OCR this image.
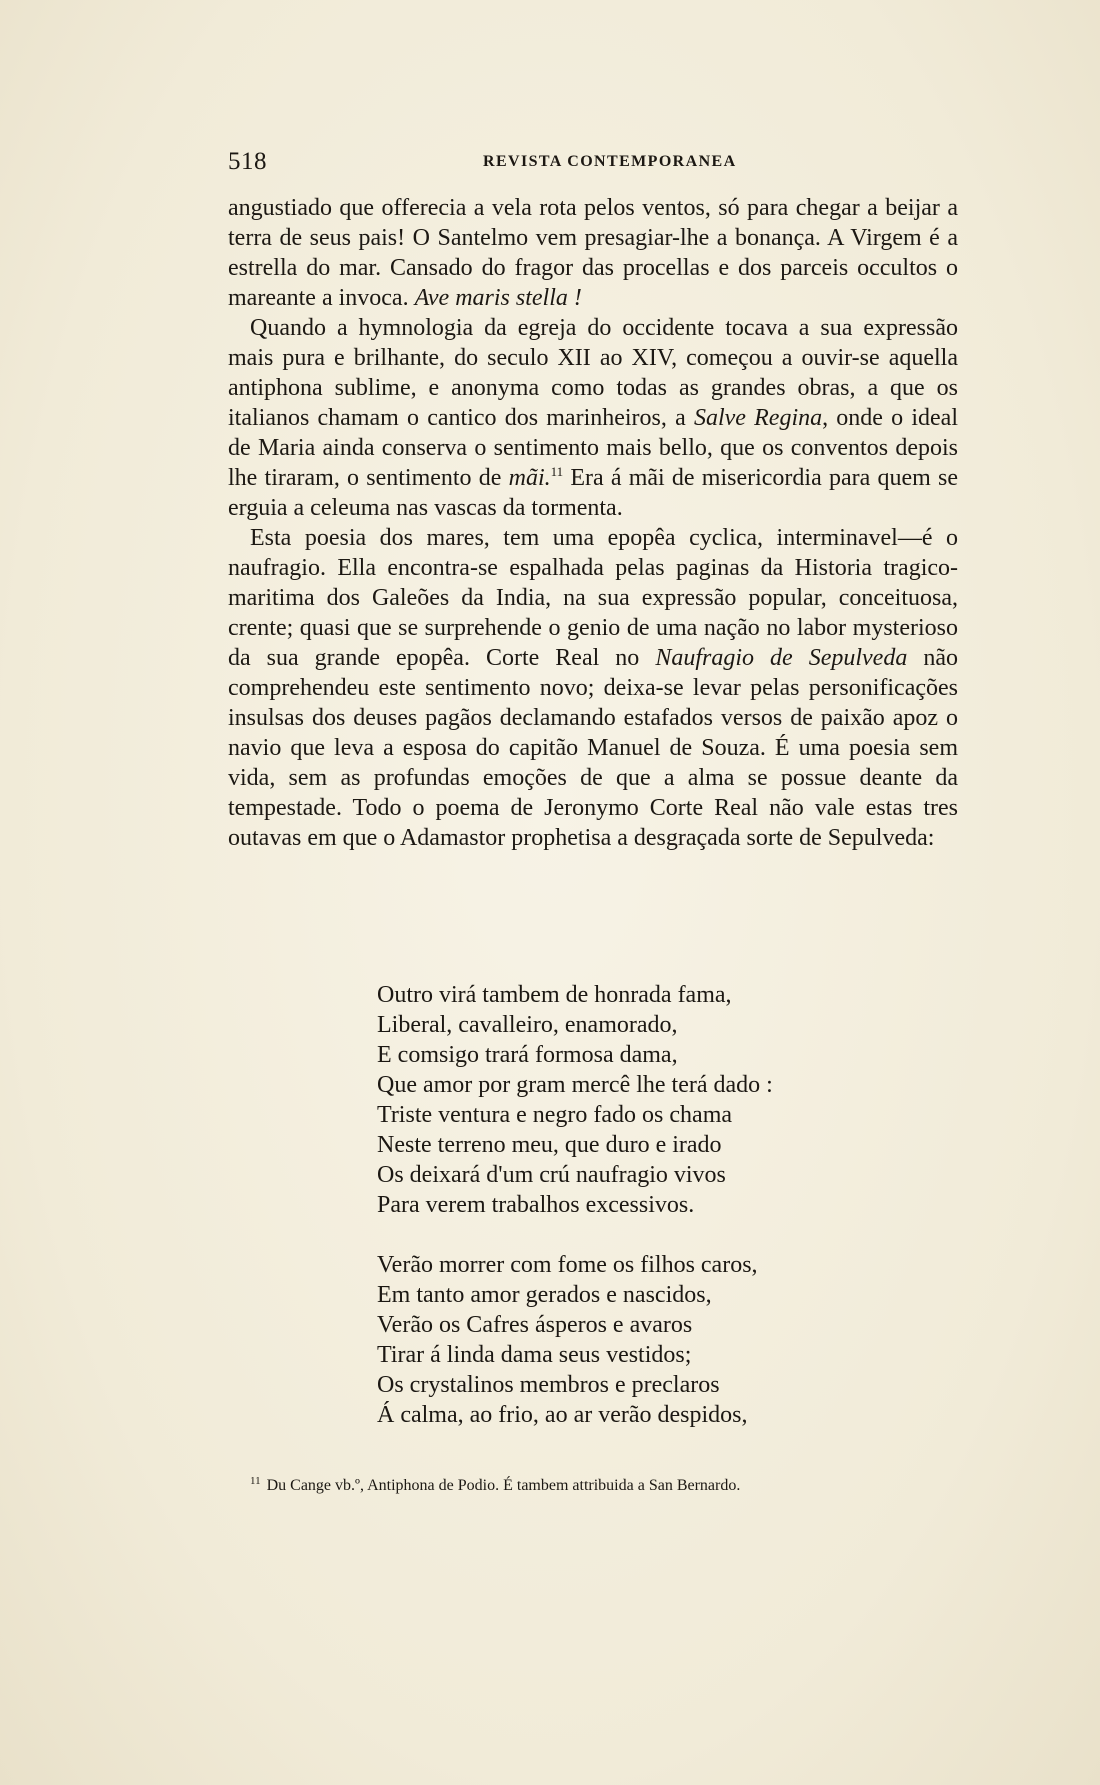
518	REVISTA CONTEMPORANEA

angustiado que offerecia a vela rota pelos ventos, só para chegar a beijar a terra de seus pais! O Santelmo vem presagiar-lhe a bonança. A Virgem é a estrella do mar. Cansado do fragor das procellas e dos parceis occultos o mareante a invoca. Ave maris stella !

Quando a hymnologia da egreja do occidente tocava a sua expressão mais pura e brilhante, do seculo XII ao XIV, começou a ouvir-se aquella antiphona sublime, e anonyma como todas as grandes obras, a que os italianos chamam o cantico dos marinheiros, a Salve Regina, onde o ideal de Maria ainda conserva o sentimento mais bello, que os conventos depois lhe tiraram, o sentimento de mãi.$^{11}$ Era á mãi de misericordia para quem se erguia a celeuma nas vascas da tormenta.

Esta poesia dos mares, tem uma epopêa cyclica, interminavel—é o naufragio. Ella encontra-se espalhada pelas paginas da Historia tragico-maritima dos Galeões da India, na sua expressão popular, conceituosa, crente; quasi que se surprehende o genio de uma nação no labor mysterioso da sua grande epopêa. Corte Real no Naufragio de Sepulveda não comprehendeu este sentimento novo; deixa-se levar pelas personificações insulsas dos deuses pagãos declamando estafados versos de paixão apoz o navio que leva a esposa do capitão Manuel de Souza. É uma poesia sem vida, sem as profundas emoções de que a alma se possue deante da tempestade. Todo o poema de Jeronymo Corte Real não vale estas tres outavas em que o Adamastor prophetisa a desgraçada sorte de Sepulveda:

Outro virá tambem de honrada fama,
Liberal, cavalleiro, enamorado,
E comsigo trará formosa dama,
Que amor por gram mercê lhe terá dado :
Triste ventura e negro fado os chama
Neste terreno meu, que duro e irado
Os deixará d'um crú naufragio vivos
Para verem trabalhos excessivos.
Verão morrer com fome os filhos caros,
Em tanto amor gerados e nascidos,
Verão os Cafres ásperos e avaros
Tirar á linda dama seus vestidos;
Os crystalinos membros e preclaros
Á calma, ao frio, ao ar verão despidos,
$^{11}$ Du Cange vb.º, Antiphona de Podio. É tambem attribuida a San Bernardo.
